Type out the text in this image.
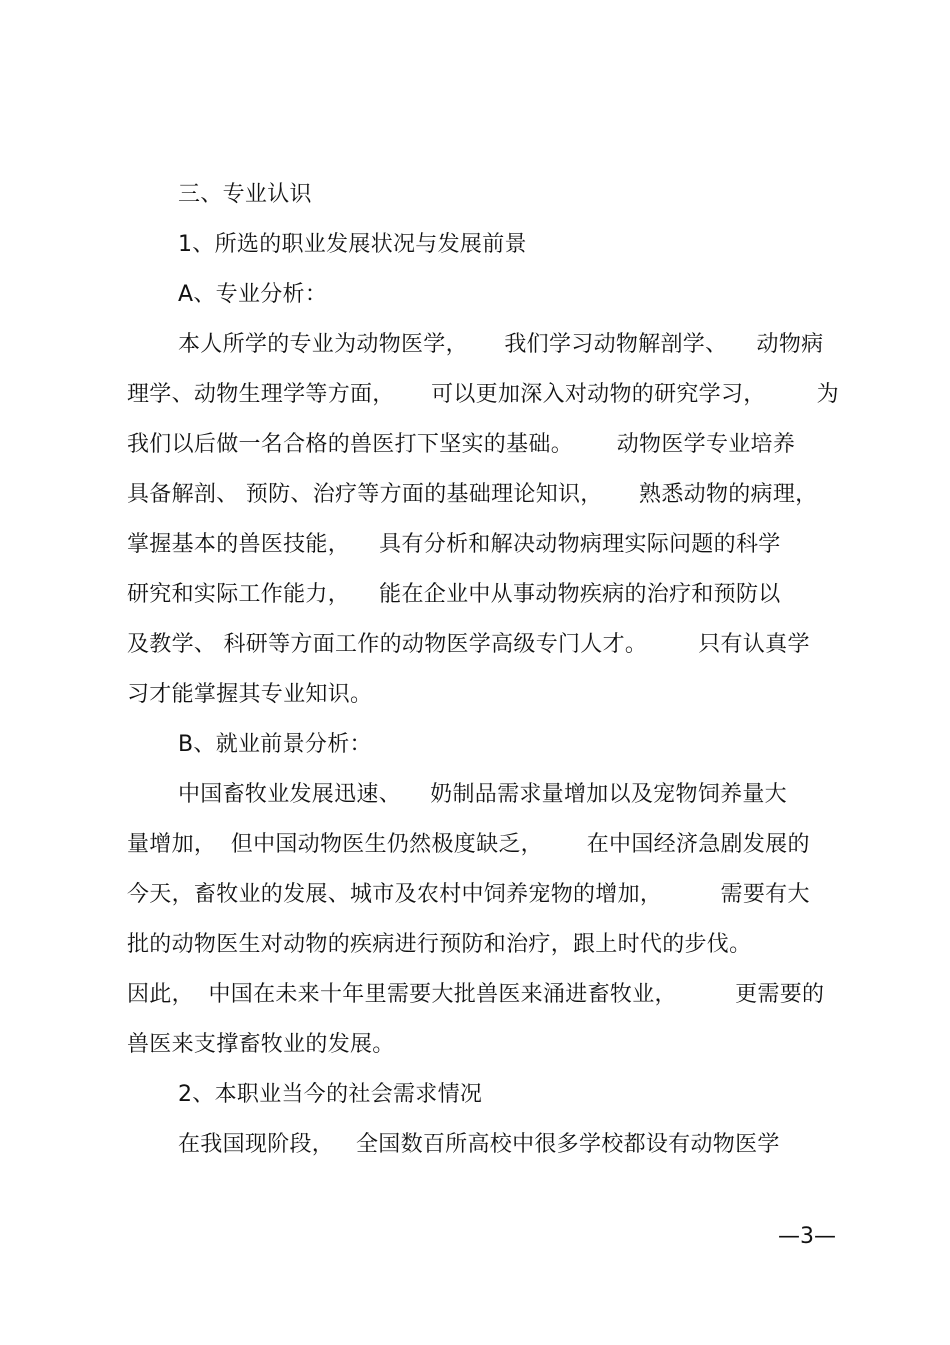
三、专业认识
1、所选的职业发展状况与发展前景
A、专业分析：
本人所学的专业为动物医学，     我们学习动物解剖学、    动物病
理学、动物生理学等方面，     可以更加深入对动物的研究学习，       为
我们以后做一名合格的兽医打下坚实的基础。      动物医学专业培养
具备解剖、 预防、治疗等方面的基础理论知识，     熟悉动物的病理，
掌握基本的兽医技能，    具有分析和解决动物病理实际问题的科学
研究和实际工作能力，    能在企业中从事动物疾病的治疗和预防以
及教学、 科研等方面工作的动物医学高级专门人才。       只有认真学
习才能掌握其专业知识。
B、就业前景分析：
中国畜牧业发展迅速、    奶制品需求量增加以及宠物饲养量大
量增加，  但中国动物医生仍然极度缺乏，      在中国经济急剧发展的
今天，畜牧业的发展、城市及农村中饲养宠物的增加，        需要有大
批的动物医生对动物的疾病进行预防和治疗，跟上时代的步伐。
因此，  中国在未来十年里需要大批兽医来涌进畜牧业，        更需要的
兽医来支撑畜牧业的发展。
2、本职业当今的社会需求情况
在我国现阶段，   全国数百所高校中很多学校都设有动物医学
—3—
